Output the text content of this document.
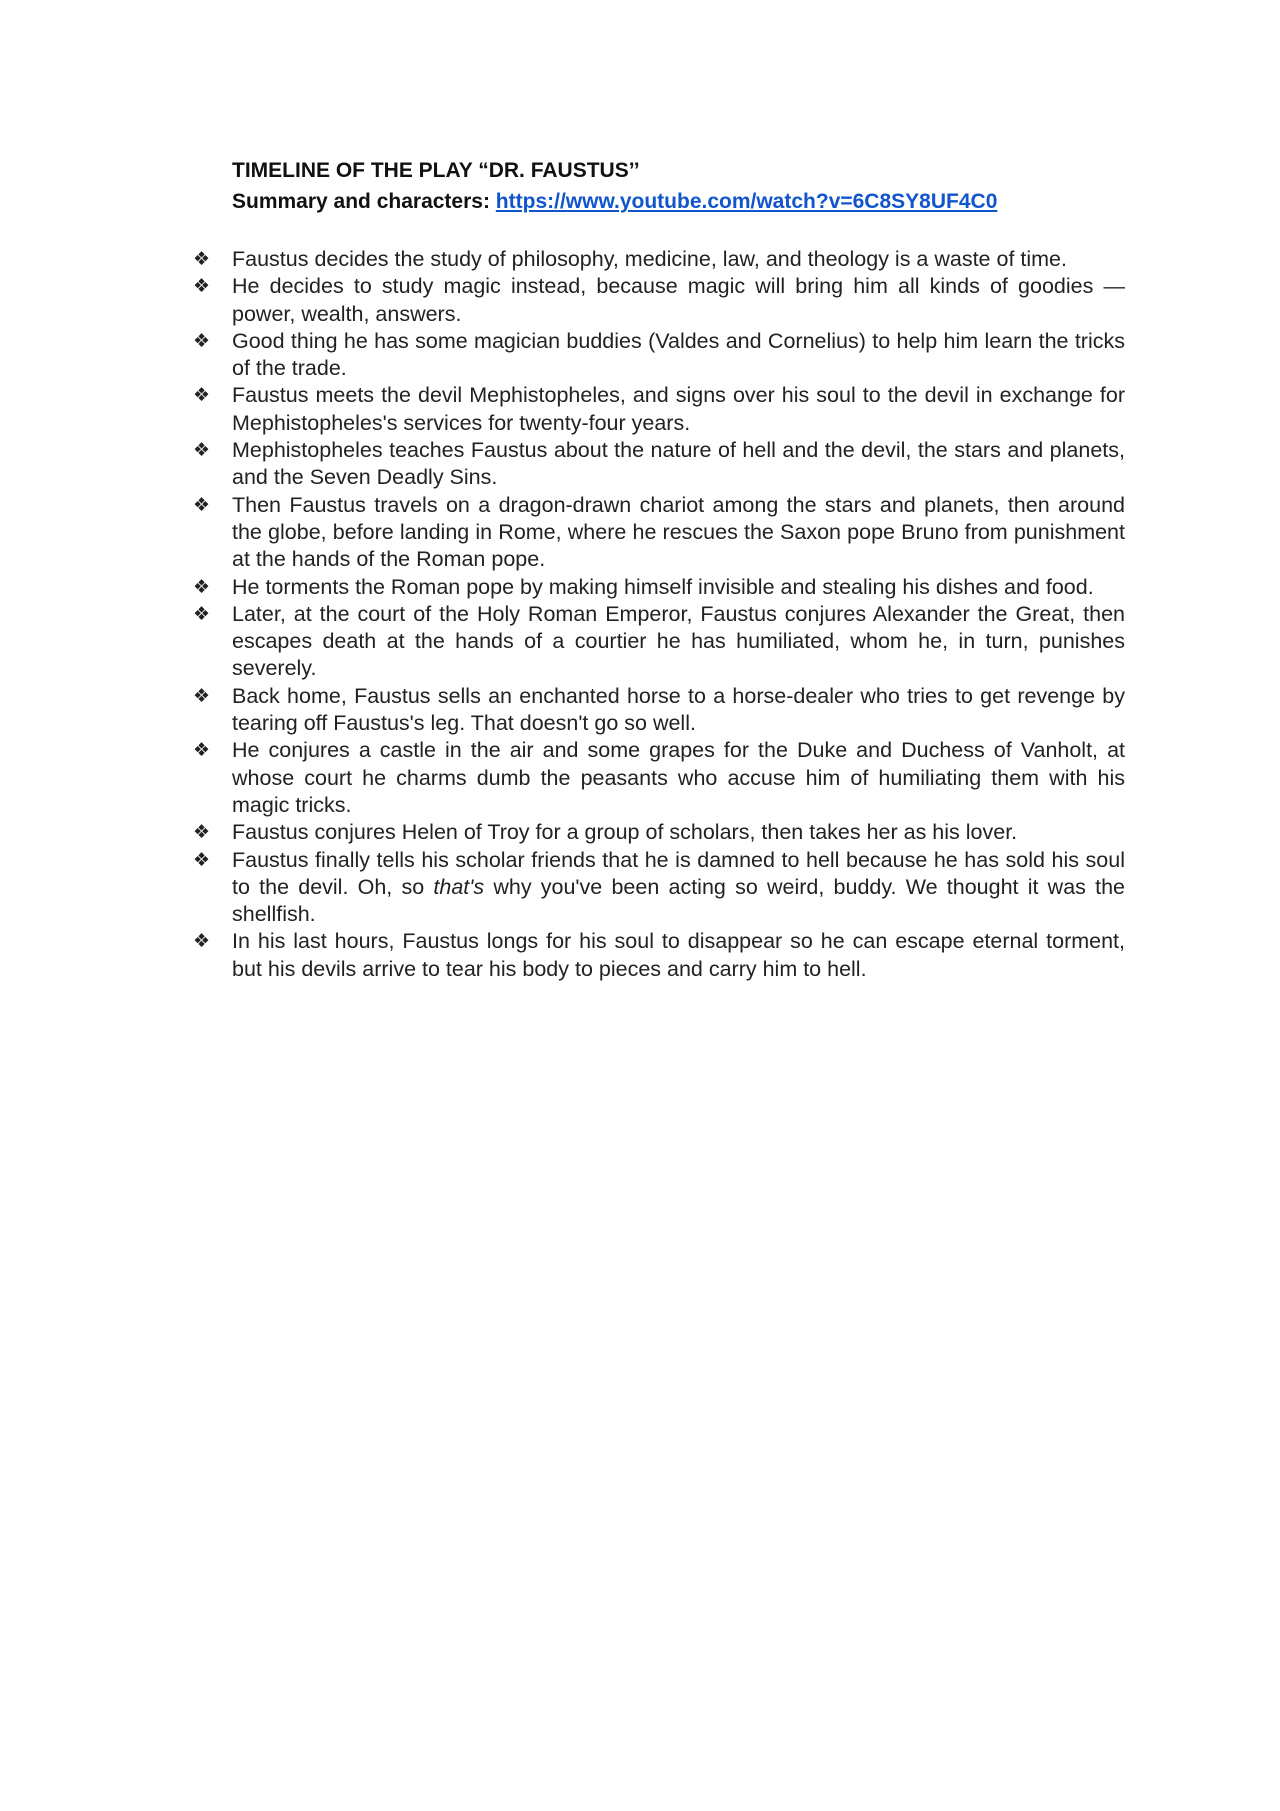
TIMELINE OF THE PLAY “DR. FAUSTUS’’

Summary and characters: https://www.youtube.com/watch?v=6C8SY8UF4C0

❖	Faustus decides the study of philosophy, medicine, law, and theology is a waste of time.
❖	He decides to study magic instead, because magic will bring him all kinds of goodies —power, wealth, answers.
❖	Good thing he has some magician buddies (Valdes and Cornelius) to help him learn the tricks of the trade.
❖	Faustus meets the devil Mephistopheles, and signs over his soul to the devil in exchange for Mephistopheles's services for twenty-four years.
❖	Mephistopheles teaches Faustus about the nature of hell and the devil, the stars and planets, and the Seven Deadly Sins.
❖	Then Faustus travels on a dragon-drawn chariot among the stars and planets, then around the globe, before landing in Rome, where he rescues the Saxon pope Bruno from punishment at the hands of the Roman pope.
❖	He torments the Roman pope by making himself invisible and stealing his dishes and food.
❖	Later, at the court of the Holy Roman Emperor, Faustus conjures Alexander the Great, then escapes death at the hands of a courtier he has humiliated, whom he, in turn, punishes severely.
❖	Back home, Faustus sells an enchanted horse to a horse-dealer who tries to get revenge by tearing off Faustus's leg. That doesn't go so well.
❖	He conjures a castle in the air and some grapes for the Duke and Duchess of Vanholt, at whose court he charms dumb the peasants who accuse him of humiliating them with his magic tricks.
❖	Faustus conjures Helen of Troy for a group of scholars, then takes her as his lover.
❖	Faustus finally tells his scholar friends that he is damned to hell because he has sold his soul to the devil. Oh, so that's why you've been acting so weird, buddy. We thought it was the shellfish.
❖	In his last hours, Faustus longs for his soul to disappear so he can escape eternal torment, but his devils arrive to tear his body to pieces and carry him to hell.
